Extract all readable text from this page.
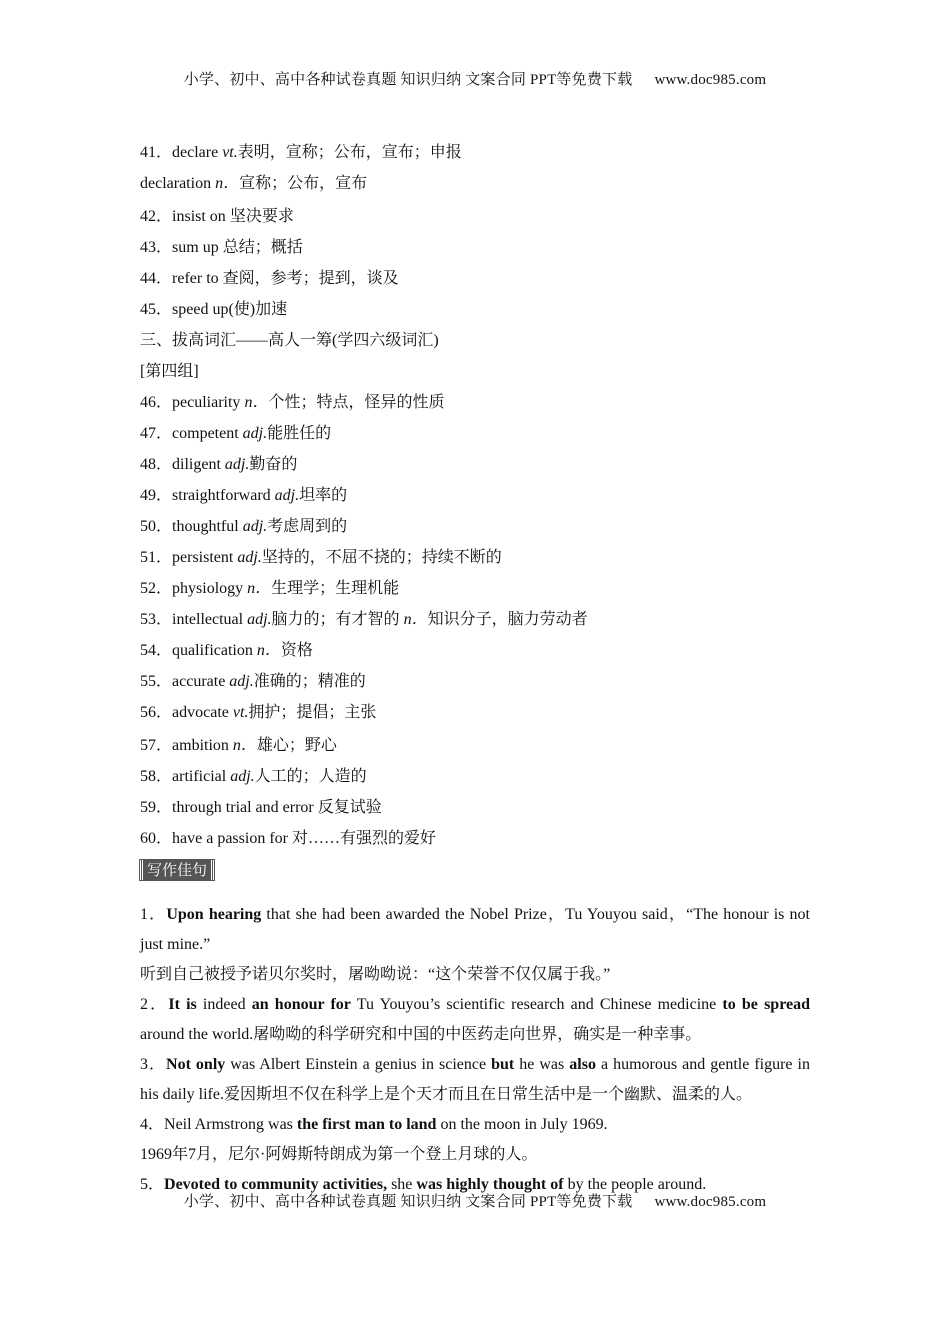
小学、初中、高中各种试卷真题 知识归纳 文案合同 PPT等免费下载 www.doc985.com
41．declare vt.表明，宣称；公布，宣布；申报
declaration n．宣称；公布，宣布
42．insist on 坚决要求
43．sum up 总结；概括
44．refer to 查阅，参考；提到，谈及
45．speed up(使)加速
三、拔高词汇——高人一筹(学四六级词汇)
[第四组]
46．peculiarity n．个性；特点，怪异的性质
47．competent adj.能胜任的
48．diligent adj.勤奋的
49．straightforward adj.坦率的
50．thoughtful adj.考虑周到的
51．persistent adj.坚持的，不屈不挠的；持续不断的
52．physiology n．生理学；生理机能
53．intellectual adj.脑力的；有才智的 n．知识分子，脑力劳动者
54．qualification n．资格
55．accurate adj.准确的；精准的
56．advocate vt.拥护；提倡；主张
57．ambition n．雄心；野心
58．artificial adj.人工的；人造的
59．through trial and error 反复试验
60．have a passion for 对……有强烈的爱好
写作佳句
1．Upon hearing that she had been awarded the Nobel Prize，Tu Youyou said，“The honour is not just mine.”
听到自己被授予诺贝尔奖时，屠呦呦说：“这个荣誉不仅仅属于我。”
2．It is indeed an honour for Tu Youyou’s scientific research and Chinese medicine to be spread around the world.屠呦呦的科学研究和中国的中医药走向世界，确实是一种幸事。
3．Not only was Albert Einstein a genius in science but he was also a humorous and gentle figure in his daily life.爱因斯坦不仅在科学上是个天才而且在日常生活中是一个幽默、温柔的人。
4．Neil Armstrong was the first man to land on the moon in July 1969.
1969年7月，尼尔·阿姆斯特朗成为第一个登上月球的人。
5．Devoted to community activities, she was highly thought of by the people around.
小学、初中、高中各种试卷真题 知识归纳 文案合同 PPT等免费下载 www.doc985.com
